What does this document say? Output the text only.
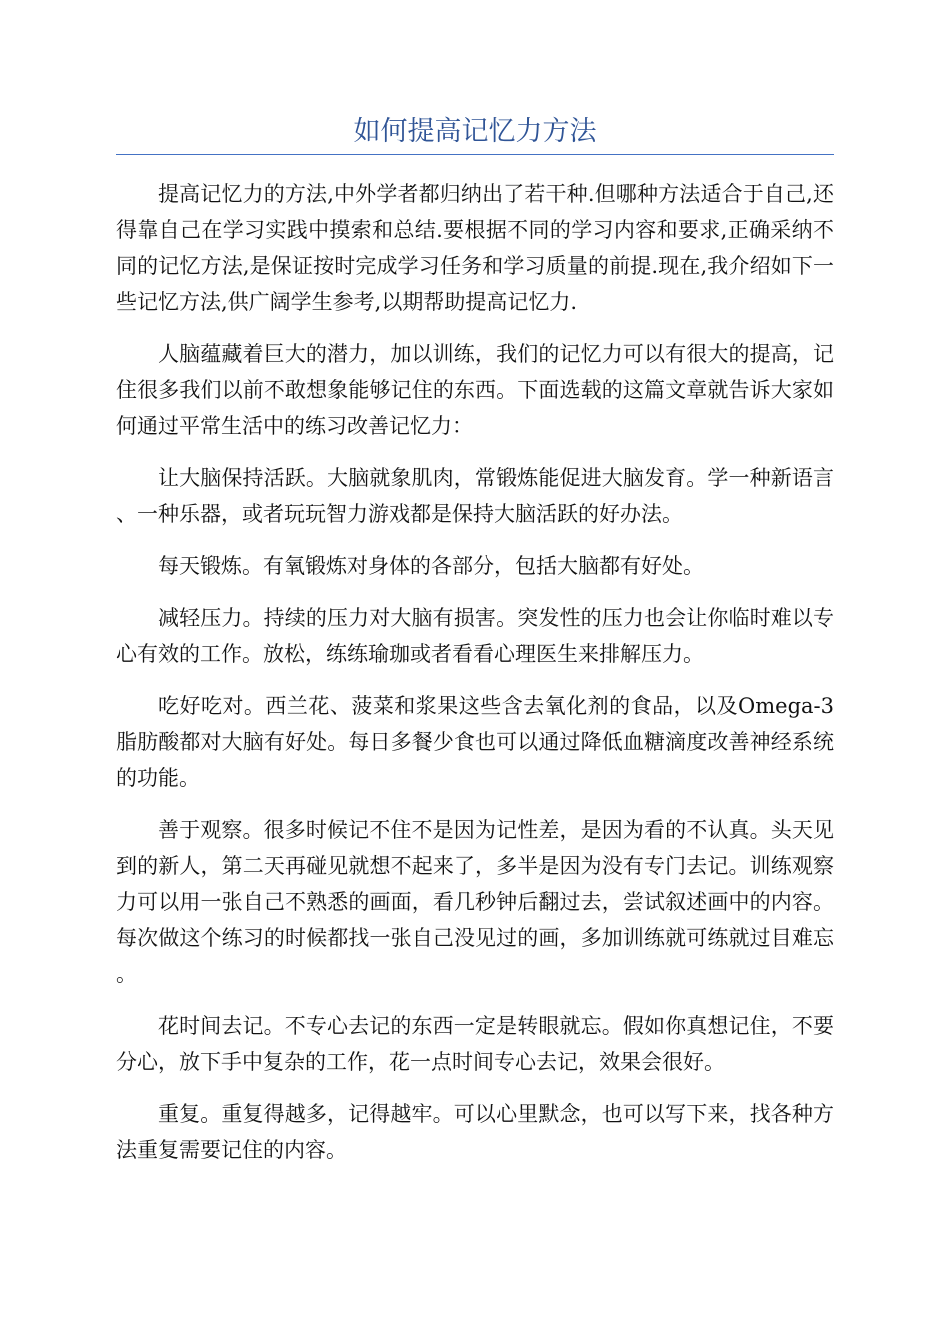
如何提高记忆力方法

提高记忆力的方法,中外学者都归纳出了若干种.但哪种方法适合于自己,还得靠自己在学习实践中摸索和总结.要根据不同的学习内容和要求,正确采纳不同的记忆方法,是保证按时完成学习任务和学习质量的前提.现在,我介绍如下一些记忆方法,供广阔学生参考,以期帮助提高记忆力.

人脑蕴藏着巨大的潜力，加以训练，我们的记忆力可以有很大的提高，记住很多我们以前不敢想象能够记住的东西。下面选载的这篇文章就告诉大家如何通过平常生活中的练习改善记忆力：

让大脑保持活跃。大脑就象肌肉，常锻炼能促进大脑发育。学一种新语言、一种乐器，或者玩玩智力游戏都是保持大脑活跃的好办法。

每天锻炼。有氧锻炼对身体的各部分，包括大脑都有好处。

减轻压力。持续的压力对大脑有损害。突发性的压力也会让你临时难以专心有效的工作。放松，练练瑜珈或者看看心理医生来排解压力。

吃好吃对。西兰花、菠菜和浆果这些含去氧化剂的食品，以及Omega-3脂肪酸都对大脑有好处。每日多餐少食也可以通过降低血糖滴度改善神经系统的功能。

善于观察。很多时候记不住不是因为记性差，是因为看的不认真。头天见到的新人，第二天再碰见就想不起来了，多半是因为没有专门去记。训练观察力可以用一张自己不熟悉的画面，看几秒钟后翻过去，尝试叙述画中的内容。每次做这个练习的时候都找一张自己没见过的画，多加训练就可练就过目难忘。

花时间去记。不专心去记的东西一定是转眼就忘。假如你真想记住，不要分心，放下手中复杂的工作，花一点时间专心去记，效果会很好。

重复。重复得越多，记得越牢。可以心里默念，也可以写下来，找各种方法重复需要记住的内容。
